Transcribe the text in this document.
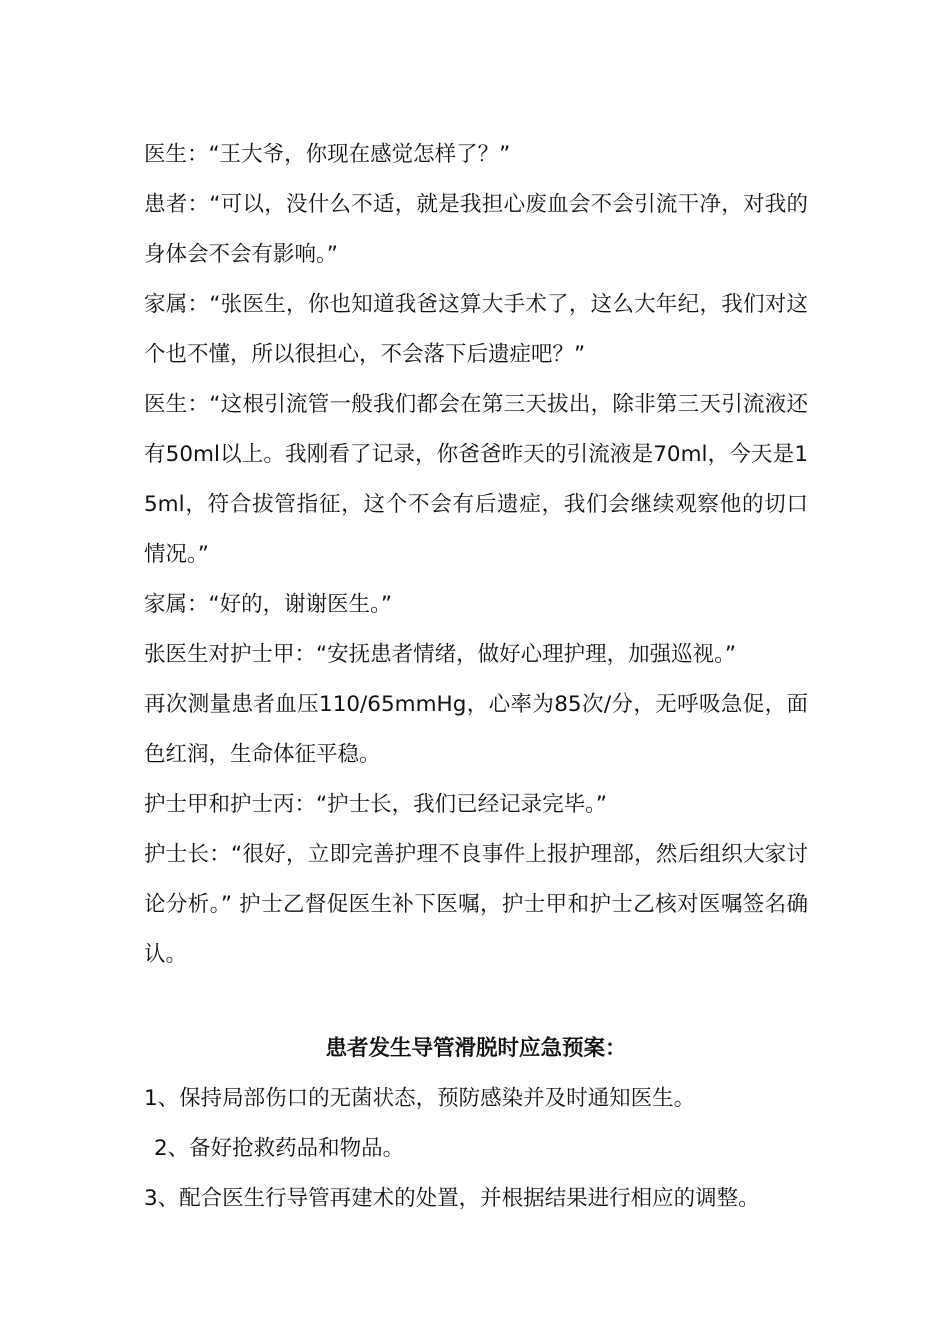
医生：“王大爷，你现在感觉怎样了？”

患者：“可以，没什么不适，就是我担心废血会不会引流干净，对我的身体会不会有影响。”

家属：“张医生，你也知道我爸这算大手术了，这么大年纪，我们对这个也不懂，所以很担心，不会落下后遗症吧？”

医生：“这根引流管一般我们都会在第三天拔出，除非第三天引流液还有50ml以上。我刚看了记录，你爸爸昨天的引流液是70ml，今天是15ml，符合拔管指征，这个不会有后遗症，我们会继续观察他的切口情况。”

家属：“好的，谢谢医生。”

张医生对护士甲：“安抚患者情绪，做好心理护理，加强巡视。”

再次测量患者血压110/65mmHg，心率为85次/分，无呼吸急促，面色红润，生命体征平稳。

护士甲和护士丙：“护士长，我们已经记录完毕。”

护士长：“很好，立即完善护理不良事件上报护理部，然后组织大家讨论分析。” 护士乙督促医生补下医嘱，护士甲和护士乙核对医嘱签名确认。

患者发生导管滑脱时应急预案：

1、保持局部伤口的无菌状态，预防感染并及时通知医生。

2、备好抢救药品和物品。

3、配合医生行导管再建术的处置，并根据结果进行相应的调整。
